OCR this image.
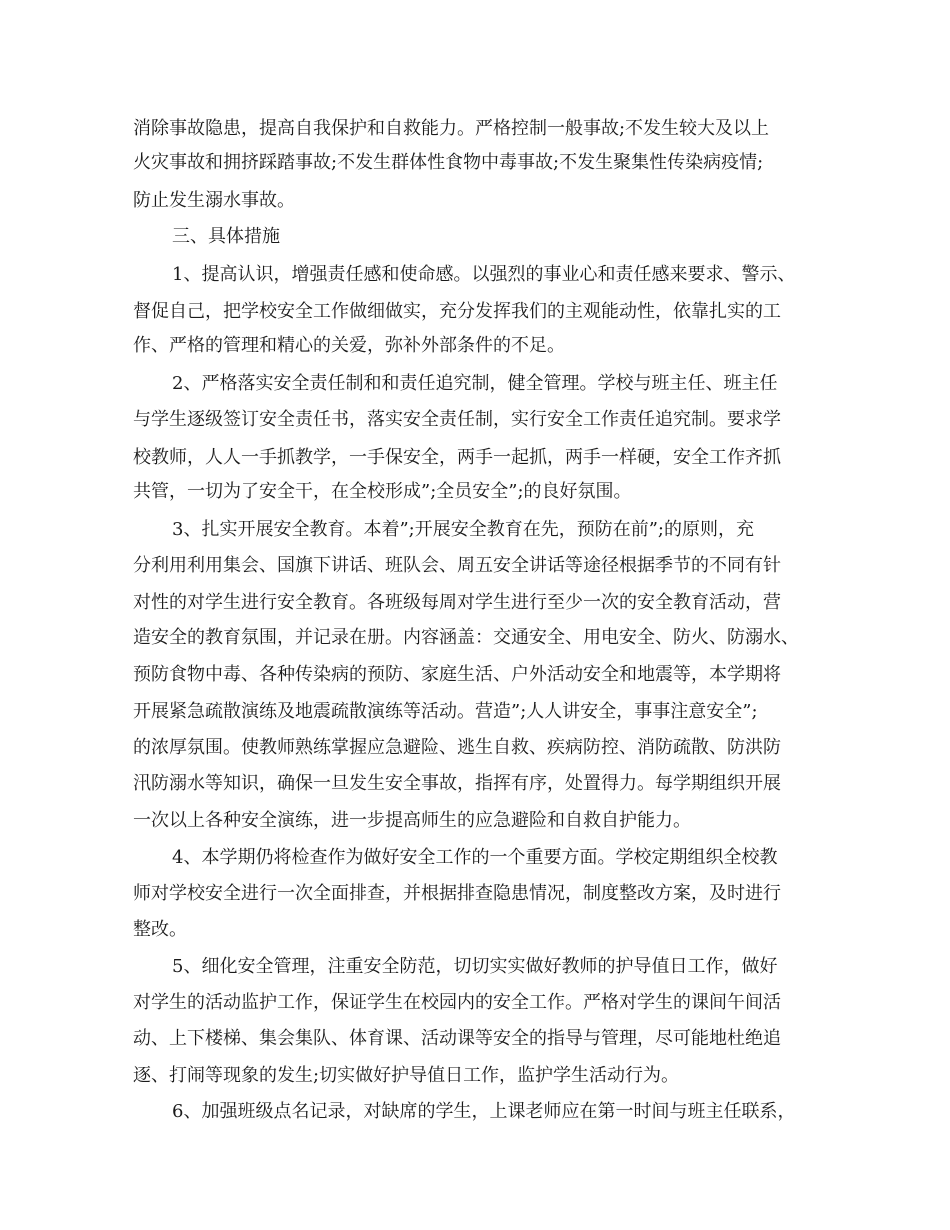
消除事故隐患，提高自我保护和自救能力。严格控制一般事故;不发生较大及以上
火灾事故和拥挤踩踏事故;不发生群体性食物中毒事故;不发生聚集性传染病疫情;
防止发生溺水事故。
三、具体措施
1、提高认识，增强责任感和使命感。以强烈的事业心和责任感来要求、警示、
督促自己，把学校安全工作做细做实，充分发挥我们的主观能动性，依靠扎实的工
作、严格的管理和精心的关爱，弥补外部条件的不足。
2、严格落实安全责任制和和责任追究制，健全管理。学校与班主任、班主任
与学生逐级签订安全责任书，落实安全责任制，实行安全工作责任追究制。要求学
校教师，人人一手抓教学，一手保安全，两手一起抓，两手一样硬，安全工作齐抓
共管，一切为了安全干，在全校形成”;全员安全”;的良好氛围。
3、扎实开展安全教育。本着”;开展安全教育在先，预防在前”;的原则，充
分利用利用集会、国旗下讲话、班队会、周五安全讲话等途径根据季节的不同有针
对性的对学生进行安全教育。各班级每周对学生进行至少一次的安全教育活动，营
造安全的教育氛围，并记录在册。内容涵盖：交通安全、用电安全、防火、防溺水、
预防食物中毒、各种传染病的预防、家庭生活、户外活动安全和地震等，本学期将
开展紧急疏散演练及地震疏散演练等活动。营造”;人人讲安全，事事注意安全”;
的浓厚氛围。使教师熟练掌握应急避险、逃生自救、疾病防控、消防疏散、防洪防
汛防溺水等知识，确保一旦发生安全事故，指挥有序，处置得力。每学期组织开展
一次以上各种安全演练，进一步提高师生的应急避险和自救自护能力。
4、本学期仍将检查作为做好安全工作的一个重要方面。学校定期组织全校教
师对学校安全进行一次全面排查，并根据排查隐患情况，制度整改方案，及时进行
整改。
5、细化安全管理，注重安全防范，切切实实做好教师的护导值日工作，做好
对学生的活动监护工作，保证学生在校园内的安全工作。严格对学生的课间午间活
动、上下楼梯、集会集队、体育课、活动课等安全的指导与管理，尽可能地杜绝追
逐、打闹等现象的发生;切实做好护导值日工作，监护学生活动行为。
6、加强班级点名记录，对缺席的学生，上课老师应在第一时间与班主任联系，
